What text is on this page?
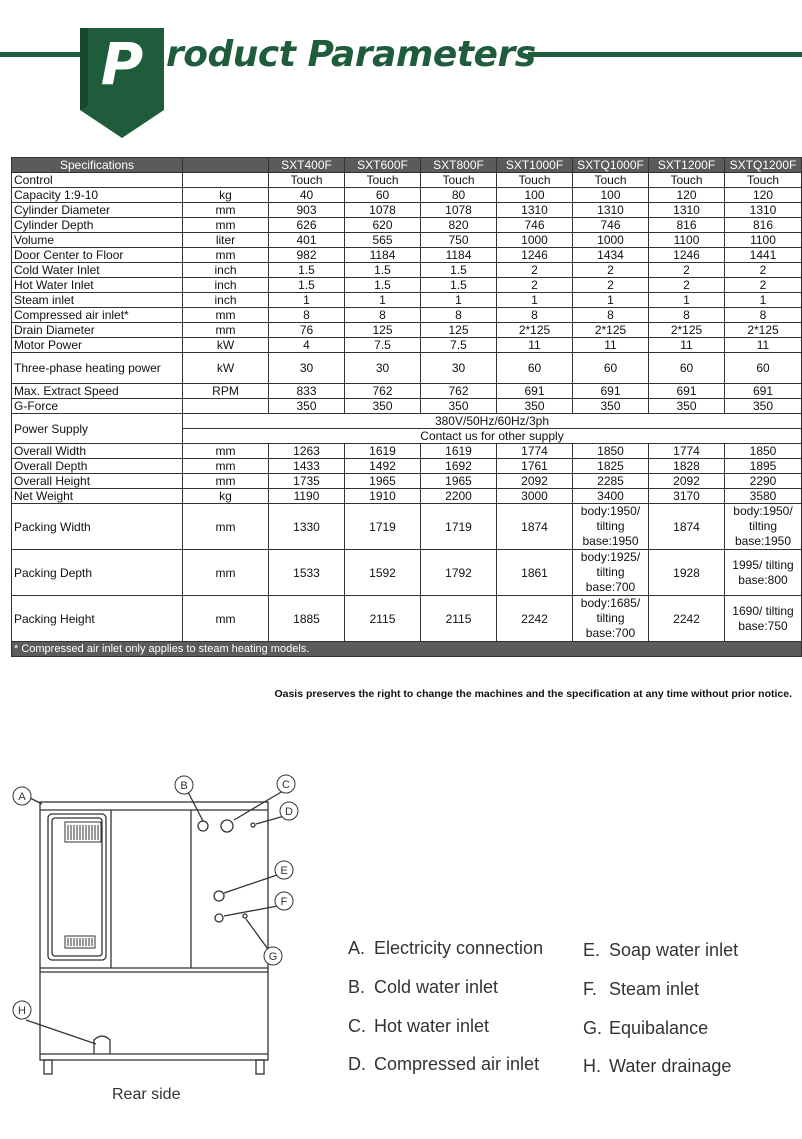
P roduct Parameters
Specifications		SXT400F	SXT600F	SXT800F	SXT1000F	SXTQ1000F	SXT1200F	SXTQ1200F
Control		Touch	Touch	Touch	Touch	Touch	Touch	Touch
Capacity 1:9-10	kg	40	60	80	100	100	120	120
Cylinder Diameter	mm	903	1078	1078	1310	1310	1310	1310
Cylinder Depth	mm	626	620	820	746	746	816	816
Volume	liter	401	565	750	1000	1000	1100	1100
Door Center to Floor	mm	982	1184	1184	1246	1434	1246	1441
Cold Water Inlet	inch	1.5	1.5	1.5	2	2	2	2
Hot Water Inlet	inch	1.5	1.5	1.5	2	2	2	2
Steam inlet	inch	1	1	1	1	1	1	1
Compressed air inlet*	mm	8	8	8	8	8	8	8
Drain Diameter	mm	76	125	125	2*125	2*125	2*125	2*125
Motor Power	kW	4	7.5	7.5	11	11	11	11
Three-phase heating power	kW	30	30	30	60	60	60	60
Max. Extract Speed	RPM	833	762	762	691	691	691	691
G-Force		350	350	350	350	350	350	350
Power Supply	380V/50Hz/60Hz/3ph							
	Contact us for other supply							
Overall Width	mm	1263	1619	1619	1774	1850	1774	1850
Overall Depth	mm	1433	1492	1692	1761	1825	1828	1895
Overall Height	mm	1735	1965	1965	2092	2285	2092	2290
Net Weight	kg	1190	1910	2200	3000	3400	3170	3580
Packing Width	mm	1330	1719	1719	1874	body:1950/ tilting base:1950	1874	body:1950/ tilting base:1950
Packing Depth	mm	1533	1592	1792	1861	body:1925/ tilting base:700	1928	1995/ tilting base:800
Packing Height	mm	1885	2115	2115	2242	body:1685/ tilting base:700	2242	1690/ tilting base:750
* Compressed air inlet only applies to steam heating models.								
Oasis preserves the right to change the machines and the specification at any time without prior notice.
A
B	C
D
E
F
G
H
Rear side
A. Electricity connection
B. Cold water inlet
C. Hot water inlet
D. Compressed air inlet
E. Soap water inlet
F. Steam inlet
G. Equibalance
H. Water drainage
